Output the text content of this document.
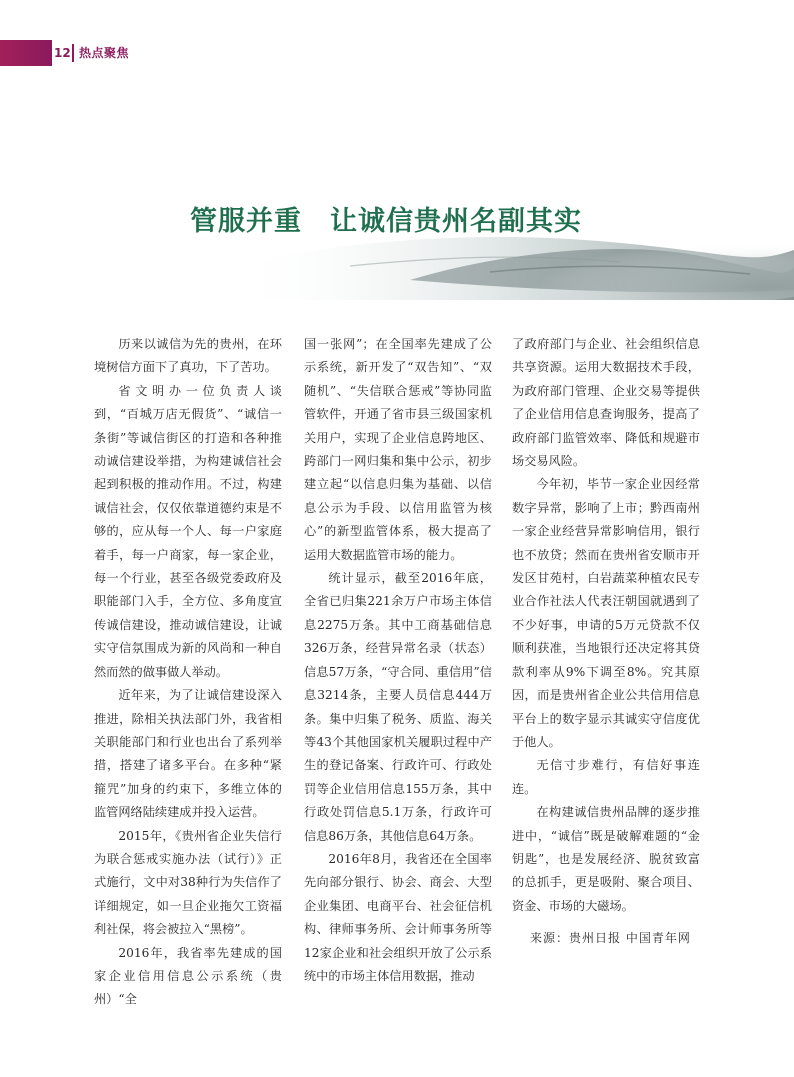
12 热点聚焦
管服并重　让诚信贵州名副其实

历来以诚信为先的贵州，在环境树信方面下了真功，下了苦功。

省文明办一位负责人谈到，“百城万店无假货”、“诚信一条街”等诚信街区的打造和各种推动诚信建设举措，为构建诚信社会起到积极的推动作用。不过，构建诚信社会，仅仅依靠道德约束是不够的，应从每一个人、每一户家庭着手，每一户商家，每一家企业，每一个行业，甚至各级党委政府及职能部门入手，全方位、多角度宣传诚信建设，推动诚信建设，让诚实守信氛围成为新的风尚和一种自然而然的做事做人举动。

近年来，为了让诚信建设深入推进，除相关执法部门外，我省相关职能部门和行业也出台了系列举措，搭建了诸多平台。在多种“紧箍咒”加身的约束下，多维立体的监管网络陆续建成并投入运营。

2015年，《贵州省企业失信行为联合惩戒实施办法（试行）》正式施行，文中对38种行为失信作了详细规定，如一旦企业拖欠工资福利社保，将会被拉入“黑榜”。

2016年，我省率先建成的国家企业信用信息公示系统（贵州）“全

国一张网”；在全国率先建成了公示系统，新开发了“双告知”、“双随机”、“失信联合惩戒”等协同监管软件，开通了省市县三级国家机关用户，实现了企业信息跨地区、跨部门一网归集和集中公示，初步建立起“以信息归集为基础、以信息公示为手段、以信用监管为核心”的新型监管体系，极大提高了运用大数据监管市场的能力。

统计显示，截至2016年底，全省已归集221余万户市场主体信息2275万条。其中工商基础信息326万条，经营异常名录（状态）信息57万条，“守合同、重信用”信息3214条，主要人员信息444万条。集中归集了税务、质监、海关等43个其他国家机关履职过程中产生的登记备案、行政许可、行政处罚等企业信用信息155万条，其中行政处罚信息5.1万条，行政许可信息86万条，其他信息64万条。

2016年8月，我省还在全国率先向部分银行、协会、商会、大型企业集团、电商平台、社会征信机构、律师事务所、会计师事务所等12家企业和社会组织开放了公示系统中的市场主体信用数据，推动

了政府部门与企业、社会组织信息共享资源。运用大数据技术手段，为政府部门管理、企业交易等提供了企业信用信息查询服务，提高了政府部门监管效率、降低和规避市场交易风险。

今年初，毕节一家企业因经常数字异常，影响了上市；黔西南州一家企业经营异常影响信用，银行也不放贷；然而在贵州省安顺市开发区甘苑村，白岩蔬菜种植农民专业合作社法人代表汪朝国就遇到了不少好事，申请的5万元贷款不仅顺利获准，当地银行还决定将其贷款利率从9%下调至8%。究其原因，而是贵州省企业公共信用信息平台上的数字显示其诚实守信度优于他人。

无信寸步难行，有信好事连连。

在构建诚信贵州品牌的逐步推进中，“诚信”既是破解难题的“金钥匙”，也是发展经济、脱贫致富的总抓手，更是吸附、聚合项目、资金、市场的大磁场。

来源：贵州日报 中国青年网
